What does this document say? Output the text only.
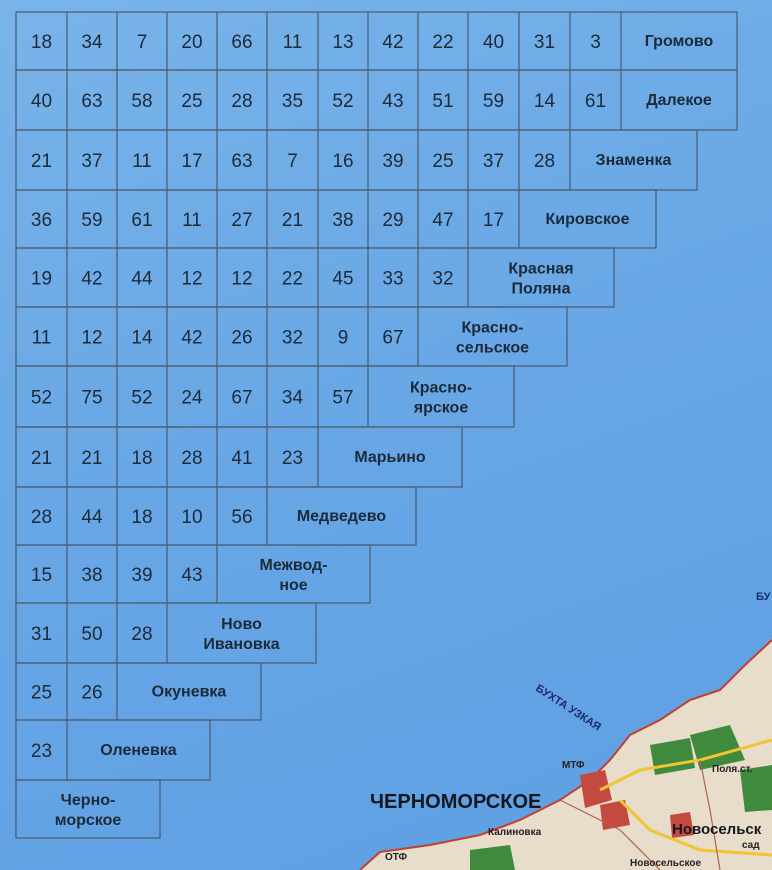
БУХТА УЗКАЯ
ЧЕРНОМОРСКОЕ
Новосельск
БУ
Калиновка
МТФ
ОТФ
сад
Новосельское
Поля.ст.
18 34 7 20 66 11 13 42 22 40 31 3	Громово
40 63 58 25 28 35 52 43 51 59 14 61	Далекое
21 37 11 17 63 7 16 39 25 37 28	Знаменка
36 59 61 11 27 21 38 29 47 17	Кировское
19 42 44 12 12 22 45 33 32	Красная
Поляна
11 12 14 42 26 32 9 67	Красно-
сельское
52 75 52 24 67 34 57	Красно-
ярское
21 21 18 28 41 23	Марьино
28 44 18 10 56	Медведево
15 38 39 43	Межвод-
ное
31 50 28	Ново
Ивановка
25 26	Окуневка
23	Оленевка
Черно-
морское
